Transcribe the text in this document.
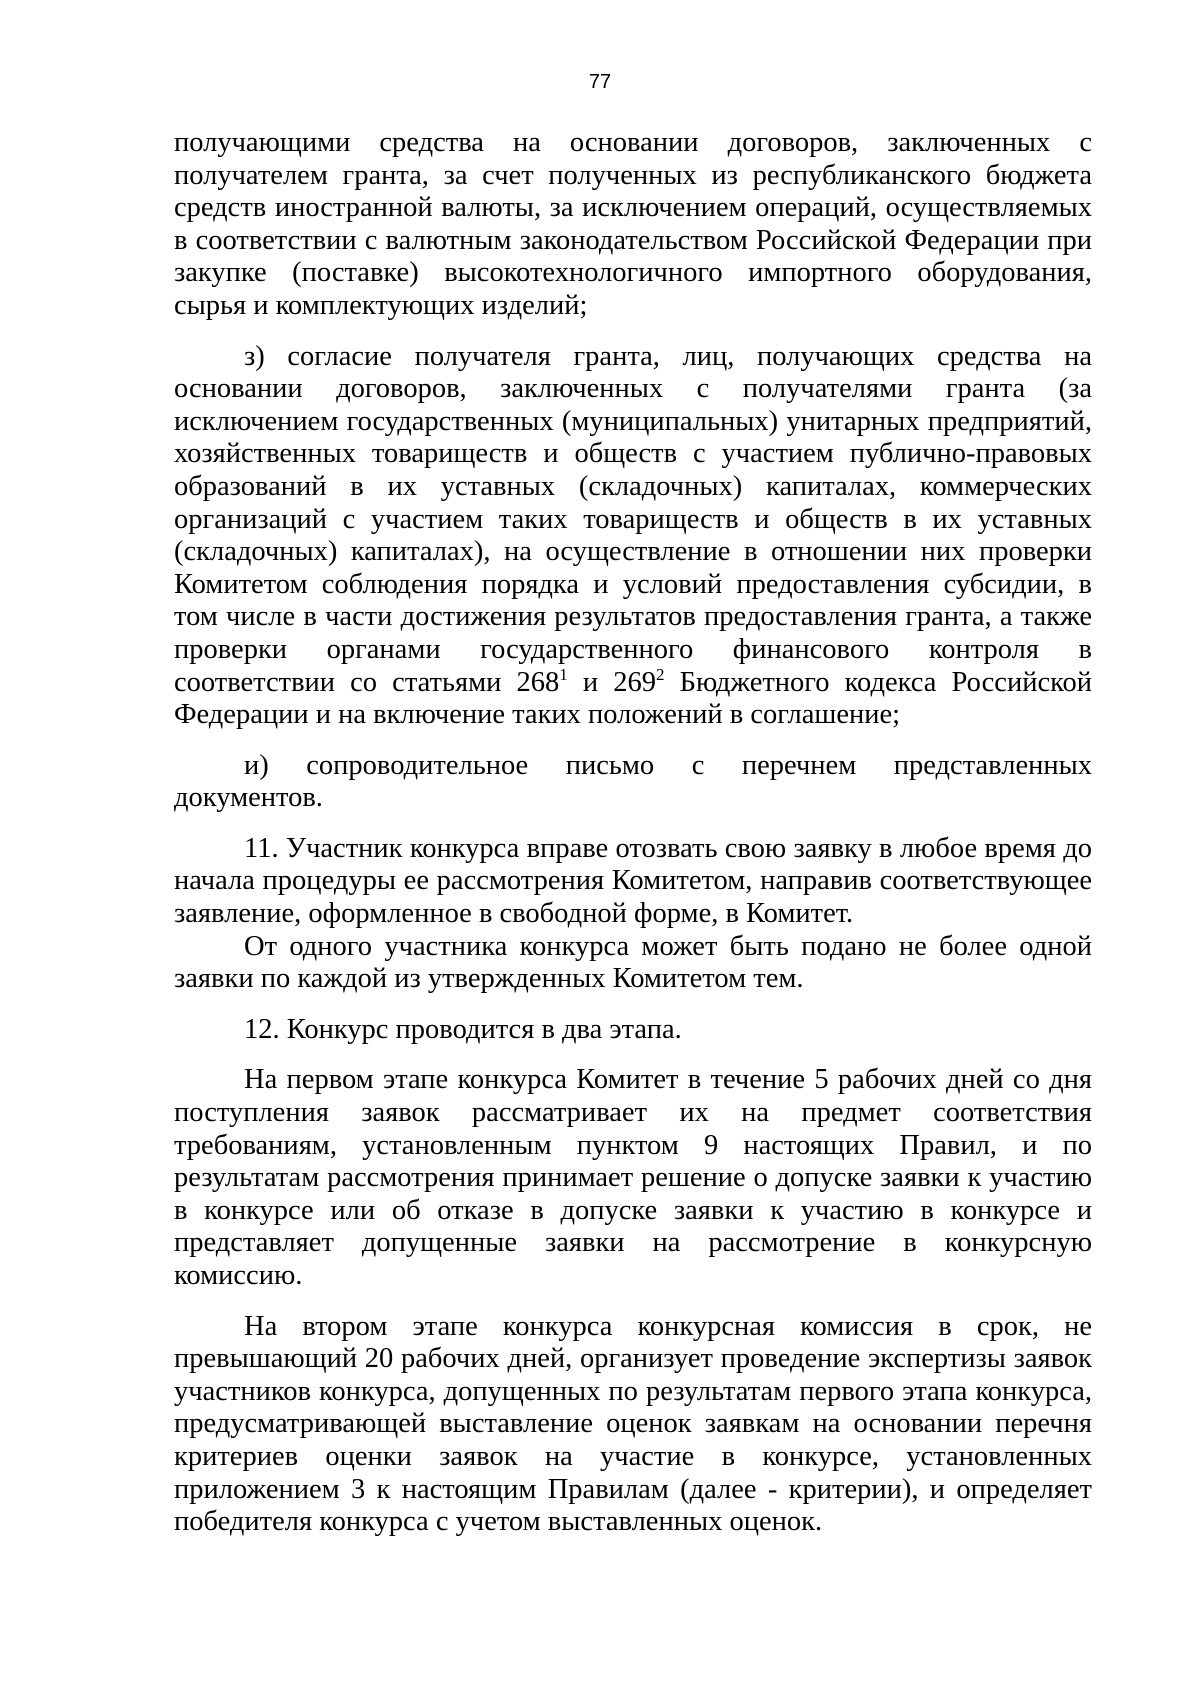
77

получающими средства на основании договоров, заключенных с получателем гранта, за счет полученных из республиканского бюджета средств иностранной валюты, за исключением операций, осуществляемых в соответствии с валютным законодательством Российской Федерации при закупке (поставке) высокотехнологичного импортного оборудования, сырья и комплектующих изделий;

з) согласие получателя гранта, лиц, получающих средства на основании договоров, заключенных с получателями гранта (за исключением государственных (муниципальных) унитарных предприятий, хозяйственных товариществ и обществ с участием публично-правовых образований в их уставных (складочных) капиталах, коммерческих организаций с участием таких товариществ и обществ в их уставных (складочных) капиталах), на осуществление в отношении них проверки Комитетом соблюдения порядка и условий предоставления субсидии, в том числе в части достижения результатов предоставления гранта, а также проверки органами государственного финансового контроля в соответствии со статьями $268^1$ и $269^2$ Бюджетного кодекса Российской Федерации и на включение таких положений в соглашение;

и) сопроводительное письмо с перечнем представленных документов.

11. Участник конкурса вправе отозвать свою заявку в любое время до начала процедуры ее рассмотрения Комитетом, направив соответствующее заявление, оформленное в свободной форме, в Комитет.

От одного участника конкурса может быть подано не более одной заявки по каждой из утвержденных Комитетом тем.

12. Конкурс проводится в два этапа.

На первом этапе конкурса Комитет в течение 5 рабочих дней со дня поступления заявок рассматривает их на предмет соответствия требованиям, установленным пунктом 9 настоящих Правил, и по результатам рассмотрения принимает решение о допуске заявки к участию в конкурсе или об отказе в допуске заявки к участию в конкурсе и представляет допущенные заявки на рассмотрение в конкурсную комиссию.

На втором этапе конкурса конкурсная комиссия в срок, не превышающий 20 рабочих дней, организует проведение экспертизы заявок участников конкурса, допущенных по результатам первого этапа конкурса, предусматривающей выставление оценок заявкам на основании перечня критериев оценки заявок на участие в конкурсе, установленных приложением 3 к настоящим Правилам (далее - критерии), и определяет победителя конкурса с учетом выставленных оценок.
